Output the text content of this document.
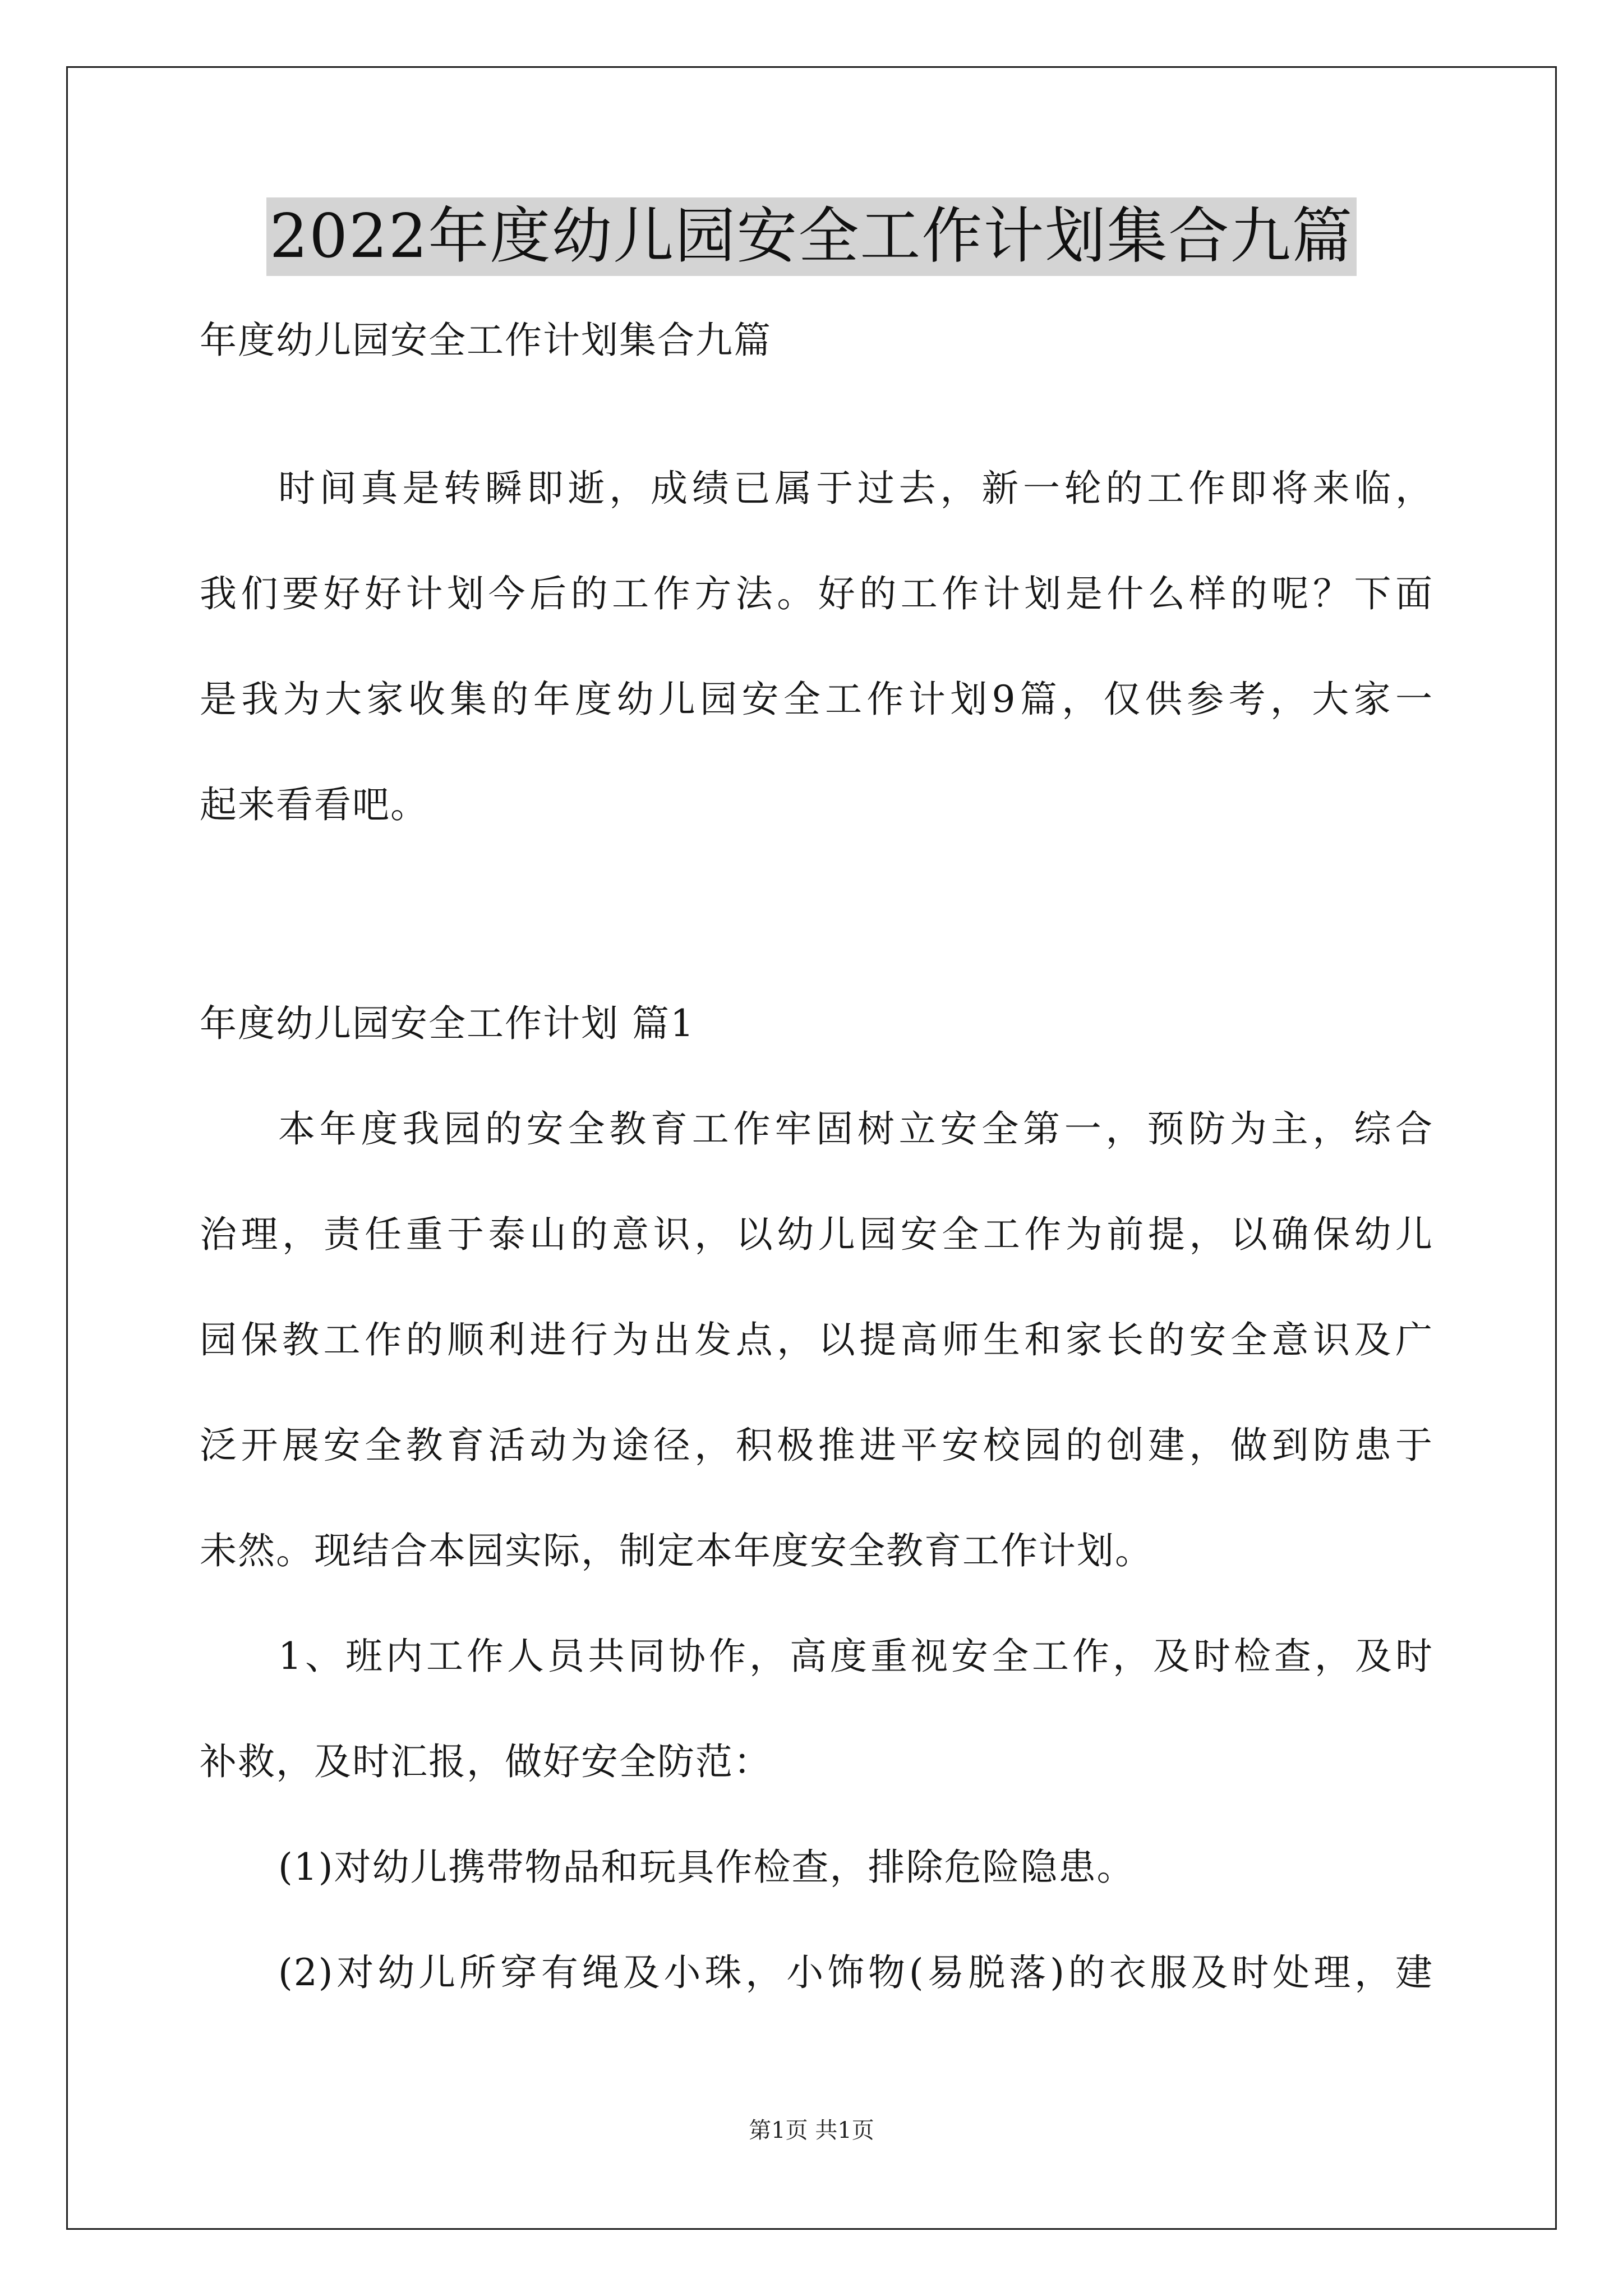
2022年度幼儿园安全工作计划集合九篇
年度幼儿园安全工作计划集合九篇
时间真是转瞬即逝，成绩已属于过去，新一轮的工作即将来临，
我们要好好计划今后的工作方法。好的工作计划是什么样的呢？下面
是我为大家收集的年度幼儿园安全工作计划9篇，仅供参考，大家一
起来看看吧。
年度幼儿园安全工作计划 篇1
本年度我园的安全教育工作牢固树立安全第一，预防为主，综合
治理，责任重于泰山的意识，以幼儿园安全工作为前提，以确保幼儿
园保教工作的顺利进行为出发点，以提高师生和家长的安全意识及广
泛开展安全教育活动为途径，积极推进平安校园的创建，做到防患于
未然。现结合本园实际，制定本年度安全教育工作计划。
1、班内工作人员共同协作，高度重视安全工作，及时检查，及时
补救，及时汇报，做好安全防范：
(1)对幼儿携带物品和玩具作检查，排除危险隐患。
(2)对幼儿所穿有绳及小珠，小饰物(易脱落)的衣服及时处理，建
第1页 共1页
